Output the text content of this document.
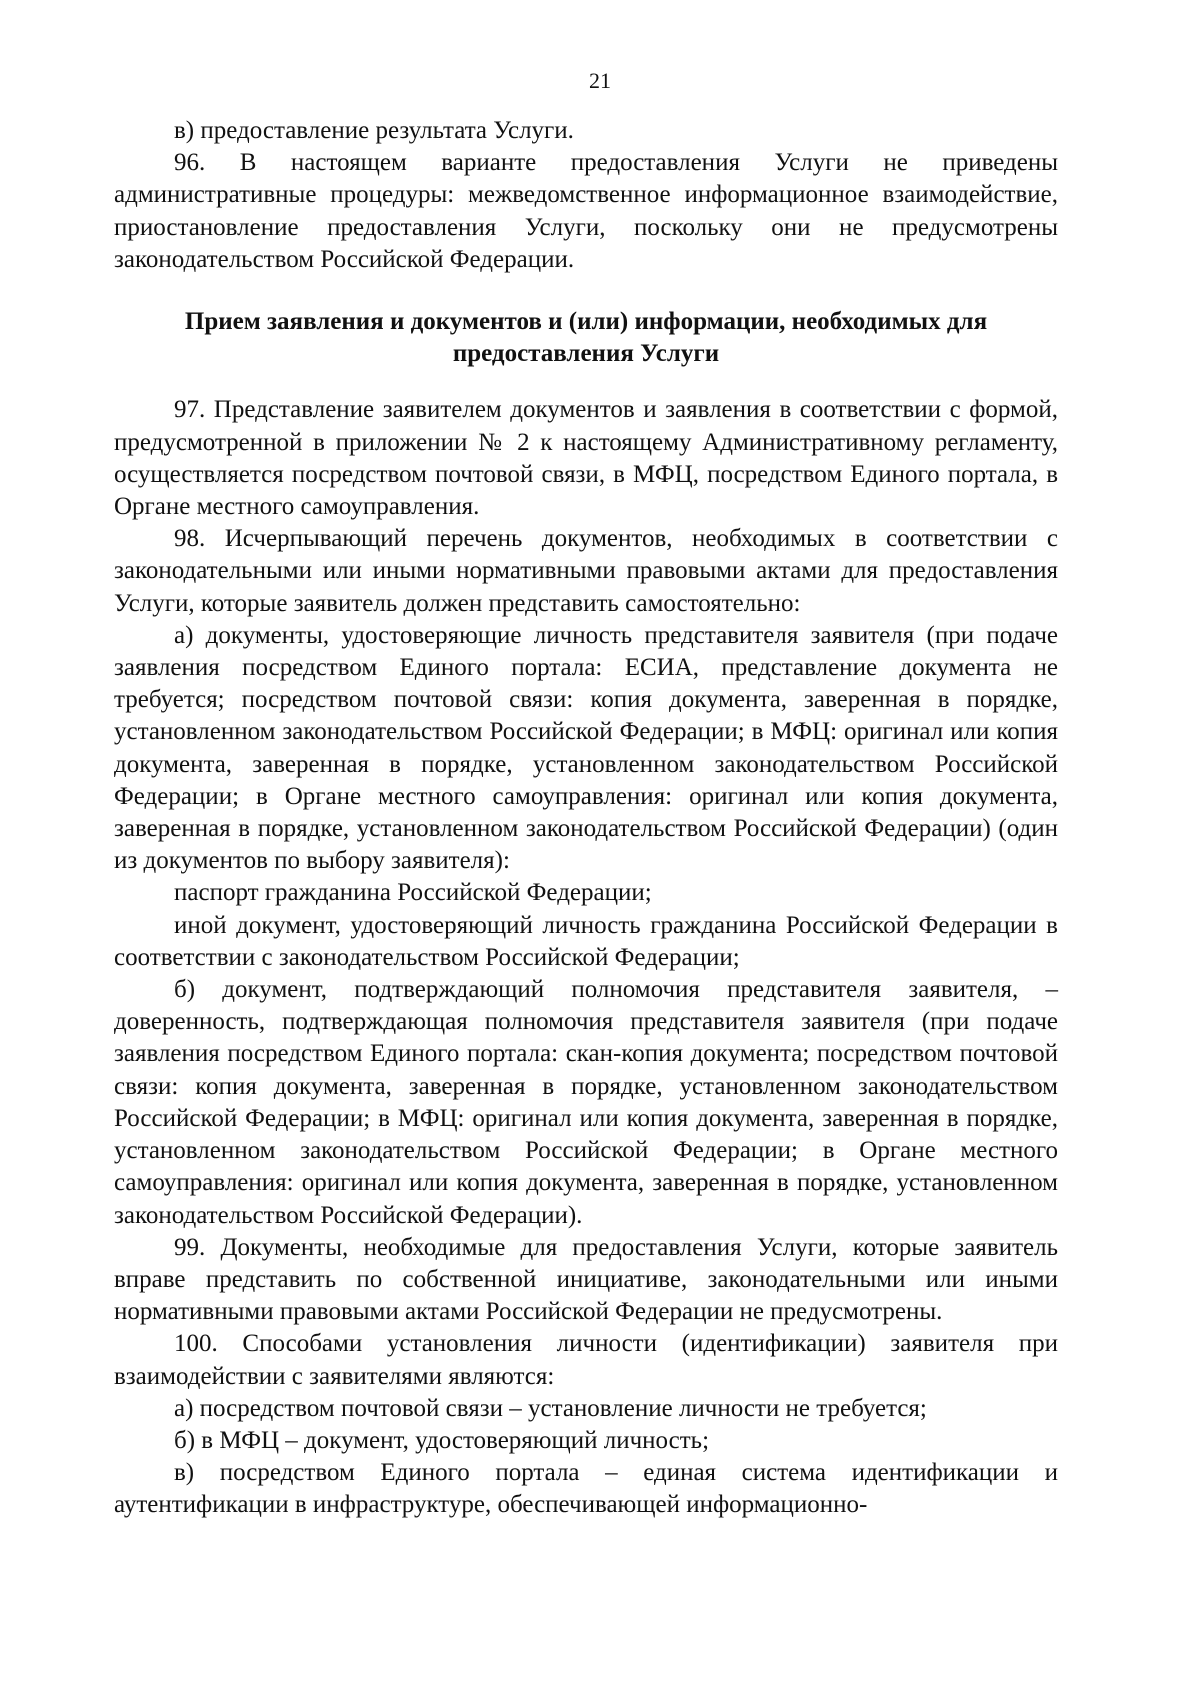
21

в) предоставление результата Услуги.

96. В настоящем варианте предоставления Услуги не приведены административные процедуры: межведомственное информационное взаимодействие, приостановление предоставления Услуги, поскольку они не предусмотрены законодательством Российской Федерации.

Прием заявления и документов и (или) информации, необходимых для предоставления Услуги

97. Представление заявителем документов и заявления в соответствии с формой, предусмотренной в приложении № 2 к настоящему Административному регламенту, осуществляется посредством почтовой связи, в МФЦ, посредством Единого портала, в Органе местного самоуправления.

98. Исчерпывающий перечень документов, необходимых в соответствии с законодательными или иными нормативными правовыми актами для предоставления Услуги, которые заявитель должен представить самостоятельно:

а) документы, удостоверяющие личность представителя заявителя (при подаче заявления посредством Единого портала: ЕСИА, представление документа не требуется; посредством почтовой связи: копия документа, заверенная в порядке, установленном законодательством Российской Федерации; в МФЦ: оригинал или копия документа, заверенная в порядке, установленном законодательством Российской Федерации; в Органе местного самоуправления: оригинал или копия документа, заверенная в порядке, установленном законодательством Российской Федерации) (один из документов по выбору заявителя):

паспорт гражданина Российской Федерации;

иной документ, удостоверяющий личность гражданина Российской Федерации в соответствии с законодательством Российской Федерации;

б) документ, подтверждающий полномочия представителя заявителя, – доверенность, подтверждающая полномочия представителя заявителя (при подаче заявления посредством Единого портала: скан-копия документа; посредством почтовой связи: копия документа, заверенная в порядке, установленном законодательством Российской Федерации; в МФЦ: оригинал или копия документа, заверенная в порядке, установленном законодательством Российской Федерации; в Органе местного самоуправления: оригинал или копия документа, заверенная в порядке, установленном законодательством Российской Федерации).

99. Документы, необходимые для предоставления Услуги, которые заявитель вправе представить по собственной инициативе, законодательными или иными нормативными правовыми актами Российской Федерации не предусмотрены.

100. Способами установления личности (идентификации) заявителя при взаимодействии с заявителями являются:

а) посредством почтовой связи – установление личности не требуется;

б) в МФЦ – документ, удостоверяющий личность;

в) посредством Единого портала – единая система идентификации и аутентификации в инфраструктуре, обеспечивающей информационно-
